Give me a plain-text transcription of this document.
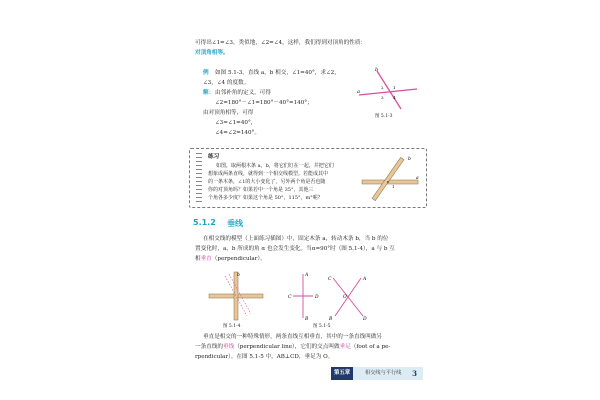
可得出∠1=∠3，类似地，∠2=∠4，这样，我们得到对顶角的性质：
对顶角相等。
例 如图 5.1-3，直线 a，b 相交，∠1=40°，求∠2，
∠3，∠4 的度数。
解： 由邻补角的定义，可得
∠2=180°－∠1=180°－40°=140°；
由对顶角相等，可得
∠3=∠1=40°，
∠4=∠2=140°。
a
b
1
2
3 4
图 5.1-3
练习
如图，取两根木条 a，b，将它们钉在一起，并把它们
想象成两条直线，就得到一个相交线模型。若能成其中
的一条木条，∠1的大小变化了，另外两个角是否也随
你的对顶角吗？如果若中一个角是 35°，其他三
个角各多少度？如果这个角是 50°，115°，m°呢？
a
b
1
5.1.2 垂线
在相交线的模型（上面练习插图）中，固定木条 a，转动木条 b，当 b 的位
置变化时，a，b 所成的角 α 也会发生变化。当α=90°时（图 5.1-4），a 与 b 互
相垂直（perpendicular）。
b
图 5.1-4
C	D
A
B
O
C	A
B	D
图 5.1-5
垂直是相交的一种特殊情形，两条直线互相垂直，其中的一条直线叫做另
一条直线的垂线（perpendicular line），它们的交点叫做垂足（foot of a pe-
rpendicular）。在图 5.1-5 中，AB⊥CD，垂足为 O。
第五章	相交线与平行线 3
